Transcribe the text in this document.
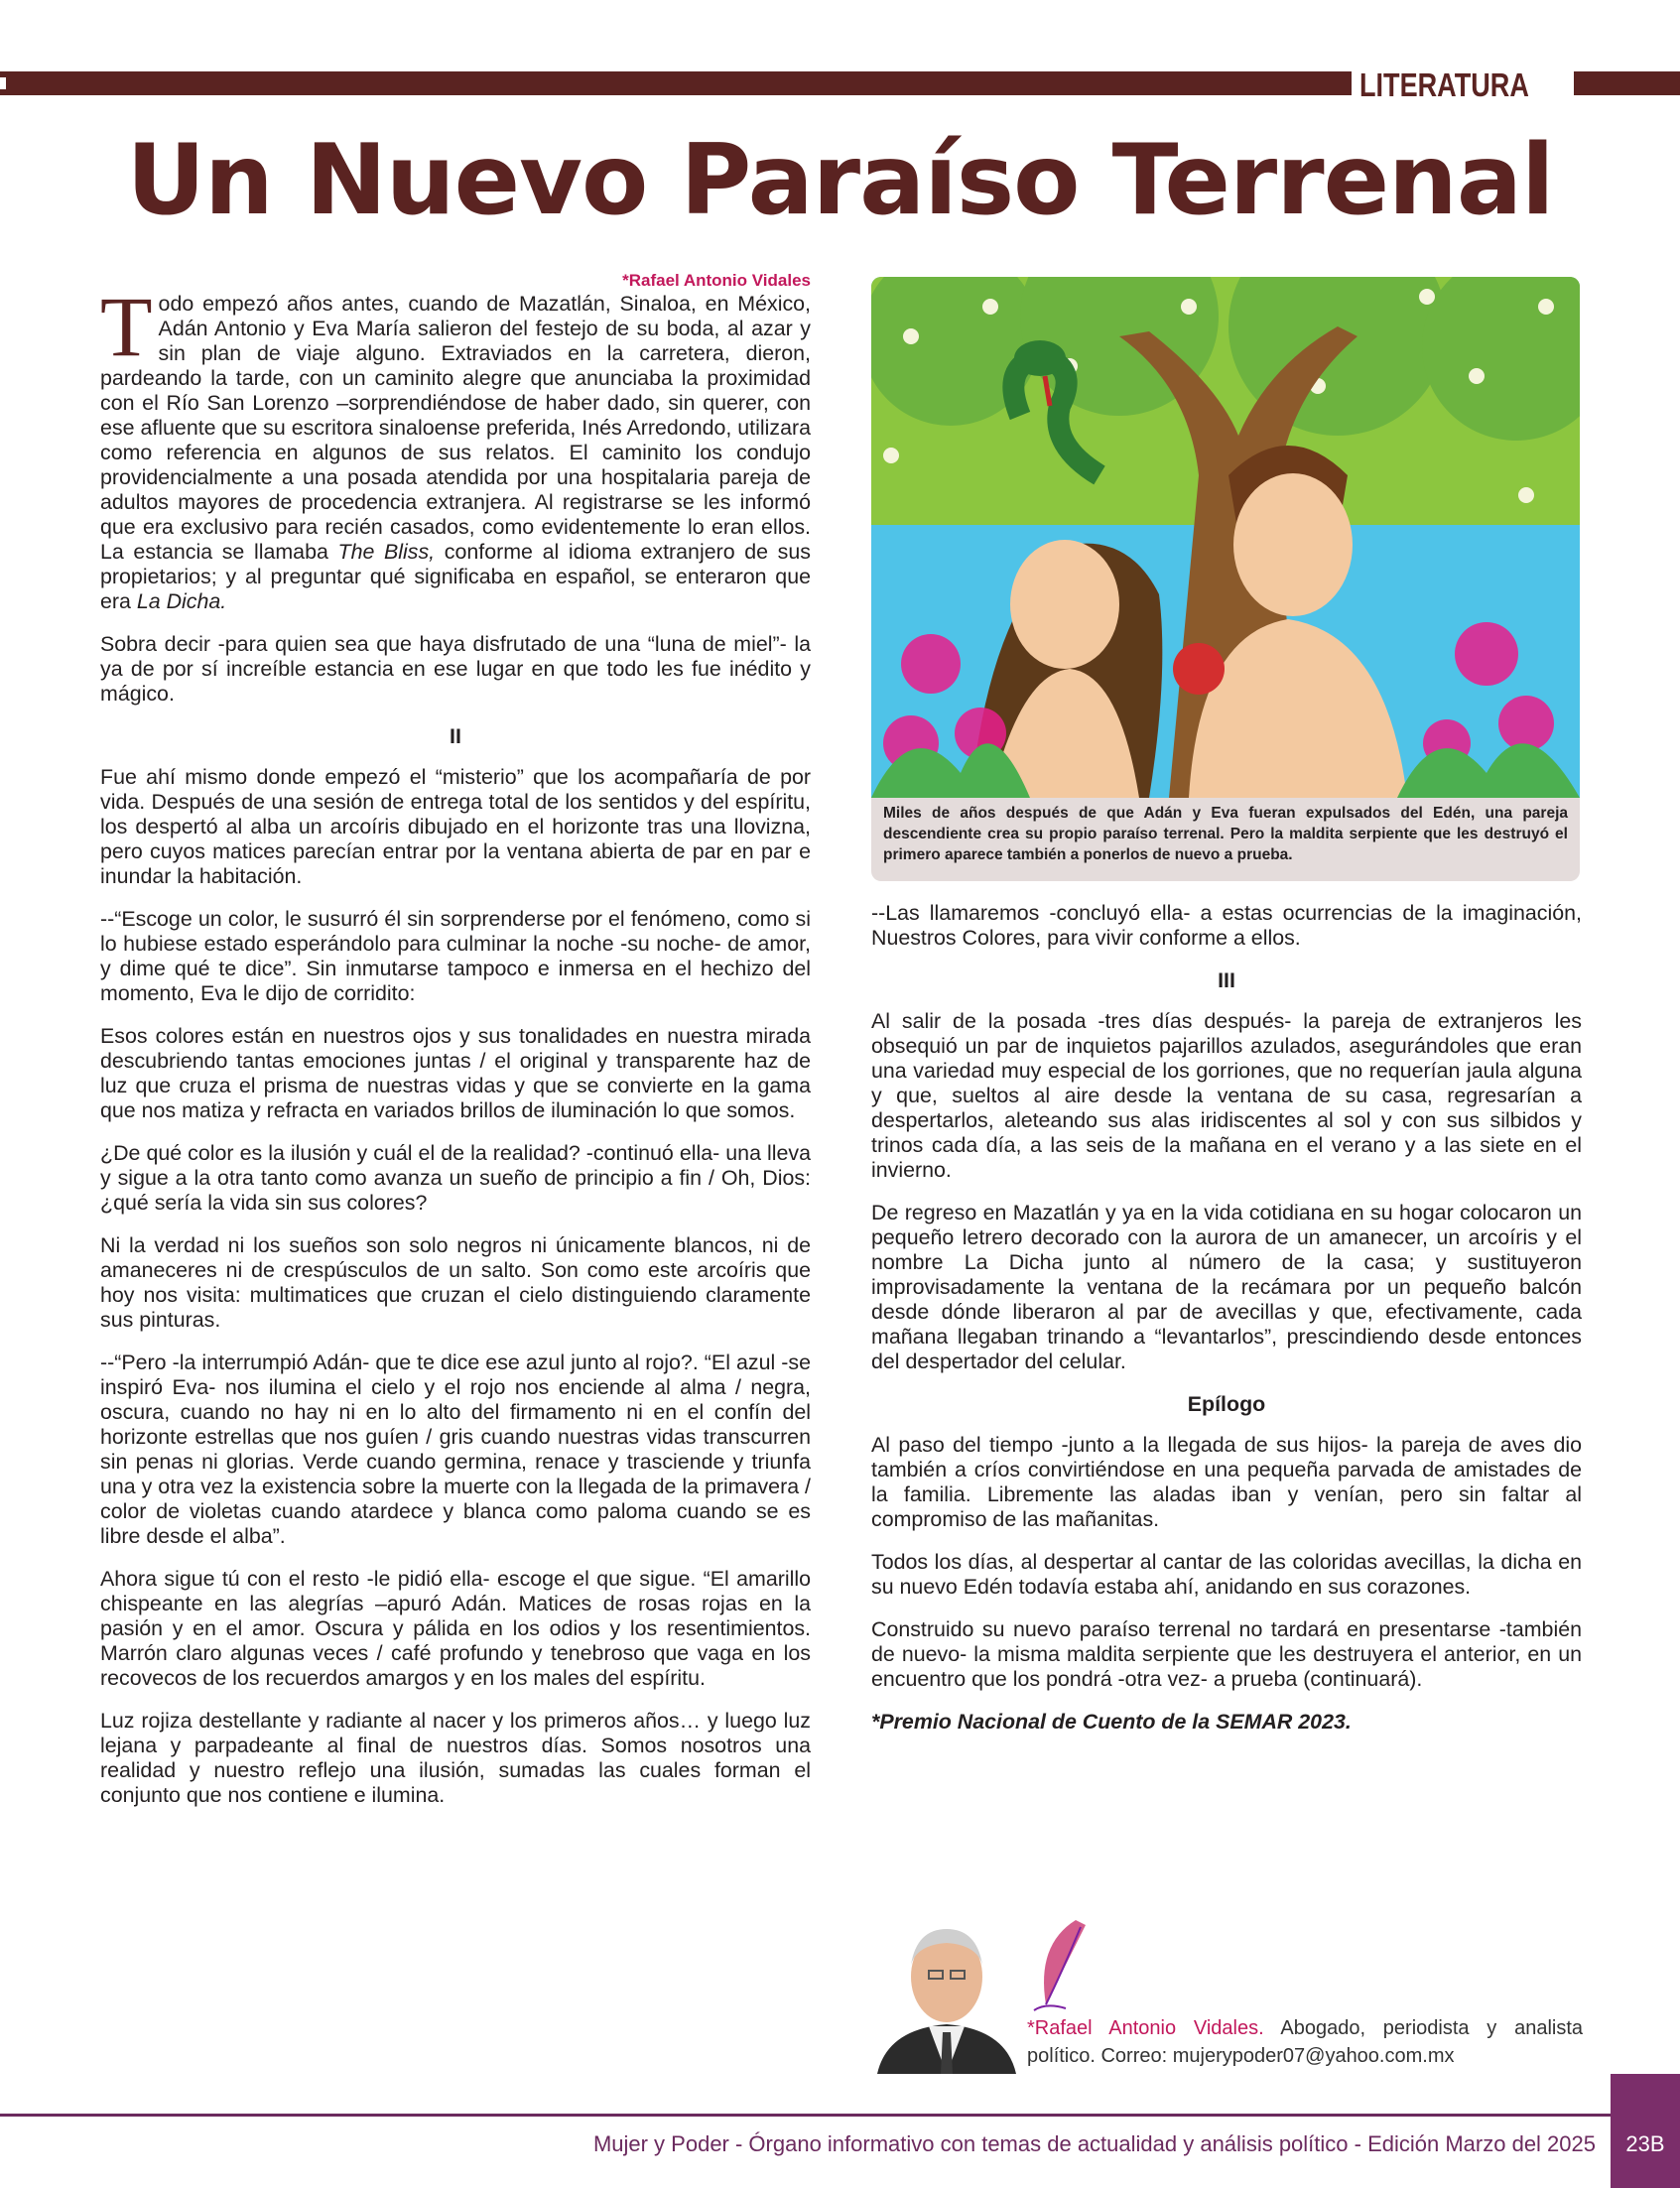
LITERATURA
Un Nuevo Paraíso Terrenal
*Rafael Antonio Vidales

Todo empezó años antes, cuando de Mazatlán, Sinaloa, en México, Adán Antonio y Eva María salieron del festejo de su boda, al azar y sin plan de viaje alguno. Extraviados en la carretera, dieron, pardeando la tarde, con un caminito alegre que anunciaba la proximidad con el Río San Lorenzo –sorprendiéndose de haber dado, sin querer, con ese afluente que su escritora sinaloense preferida, Inés Arredondo, utilizara como referencia en algunos de sus relatos. El caminito los condujo providencialmente a una posada atendida por una hospitalaria pareja de adultos mayores de procedencia extranjera. Al registrarse se les informó que era exclusivo para recién casados, como evidentemente lo eran ellos. La estancia se llamaba The Bliss, conforme al idioma extranjero de sus propietarios; y al preguntar qué significaba en español, se enteraron que era La Dicha.

Sobra decir -para quien sea que haya disfrutado de una “luna de miel”- la ya de por sí increíble estancia en ese lugar en que todo les fue inédito y mágico.

II

Fue ahí mismo donde empezó el “misterio” que los acompañaría de por vida. Después de una sesión de entrega total de los sentidos y del espíritu, los despertó al alba un arcoíris dibujado en el horizonte tras una llovizna, pero cuyos matices parecían entrar por la ventana abierta de par en par e inundar la habitación.

--“Escoge un color, le susurró él sin sorprenderse por el fenómeno, como si lo hubiese estado esperándolo para culminar la noche -su noche- de amor, y dime qué te dice”. Sin inmutarse tampoco e inmersa en el hechizo del momento, Eva le dijo de corridito:

Esos colores están en nuestros ojos y sus tonalidades en nuestra mirada descubriendo tantas emociones juntas / el original y transparente haz de luz que cruza el prisma de nuestras vidas y que se convierte en la gama que nos matiza y refracta en variados brillos de iluminación lo que somos.

¿De qué color es la ilusión y cuál el de la realidad? -continuó ella- una lleva y sigue a la otra tanto como avanza un sueño de principio a fin / Oh, Dios: ¿qué sería la vida sin sus colores?

Ni la verdad ni los sueños son solo negros ni únicamente blancos, ni de amaneceres ni de crespúsculos de un salto. Son como este arcoíris que hoy nos visita: multimatices que cruzan el cielo distinguiendo claramente sus pinturas.

--“Pero -la interrumpió Adán- que te dice ese azul junto al rojo?. “El azul -se inspiró Eva- nos ilumina el cielo y el rojo nos enciende al alma / negra, oscura, cuando no hay ni en lo alto del firmamento ni en el confín del horizonte estrellas que nos guíen / gris cuando nuestras vidas transcurren sin penas ni glorias. Verde cuando germina, renace y trasciende y triunfa una y otra vez la existencia sobre la muerte con la llegada de la primavera / color de violetas cuando atardece y blanca como paloma cuando se es libre desde el alba”.

Ahora sigue tú con el resto -le pidió ella- escoge el que sigue. “El amarillo chispeante en las alegrías –apuró Adán. Matices de rosas rojas en la pasión y en el amor. Oscura y pálida en los odios y los resentimientos. Marrón claro algunas veces / café profundo y tenebroso que vaga en los recovecos de los recuerdos amargos y en los males del espíritu.

Luz rojiza destellante y radiante al nacer y los primeros años… y luego luz lejana y parpadeante al final de nuestros días. Somos nosotros una realidad y nuestro reflejo una ilusión, sumadas las cuales forman el conjunto que nos contiene e ilumina.

Miles de años después de que Adán y Eva fueran expulsados del Edén, una pareja descendiente crea su propio paraíso terrenal. Pero la maldita serpiente que les destruyó el primero aparece también a ponerlos de nuevo a prueba.

--Las llamaremos -concluyó ella- a estas ocurrencias de la imaginación, Nuestros Colores, para vivir conforme a ellos.

III

Al salir de la posada -tres días después- la pareja de extranjeros les obsequió un par de inquietos pajarillos azulados, asegurándoles que eran una variedad muy especial de los gorriones, que no requerían jaula alguna y que, sueltos al aire desde la ventana de su casa, regresarían a despertarlos, aleteando sus alas iridiscentes al sol y con sus silbidos y trinos cada día, a las seis de la mañana en el verano y a las siete en el invierno.

De regreso en Mazatlán y ya en la vida cotidiana en su hogar colocaron un pequeño letrero decorado con la aurora de un amanecer, un arcoíris y el nombre La Dicha junto al número de la casa; y sustituyeron improvisadamente la ventana de la recámara por un pequeño balcón desde dónde liberaron al par de avecillas y que, efectivamente, cada mañana llegaban trinando a “levantarlos”, prescindiendo desde entonces del despertador del celular.

Epílogo

Al paso del tiempo -junto a la llegada de sus hijos- la pareja de aves dio también a críos convirtiéndose en una pequeña parvada de amistades de la familia. Libremente las aladas iban y venían, pero sin faltar al compromiso de las mañanitas.

Todos los días, al despertar al cantar de las coloridas avecillas, la dicha en su nuevo Edén todavía estaba ahí, anidando en sus corazones.

Construido su nuevo paraíso terrenal no tardará en presentarse -también de nuevo- la misma maldita serpiente que les destruyera el anterior, en un encuentro que los pondrá -otra vez- a prueba (continuará).

*Premio Nacional de Cuento de la SEMAR 2023.

*Rafael Antonio Vidales. Abogado, periodista y analista político. Correo: mujerypoder07@yahoo.com.mx
Mujer y Poder - Órgano informativo con temas de actualidad y análisis político - Edición Marzo del 2025	23B
